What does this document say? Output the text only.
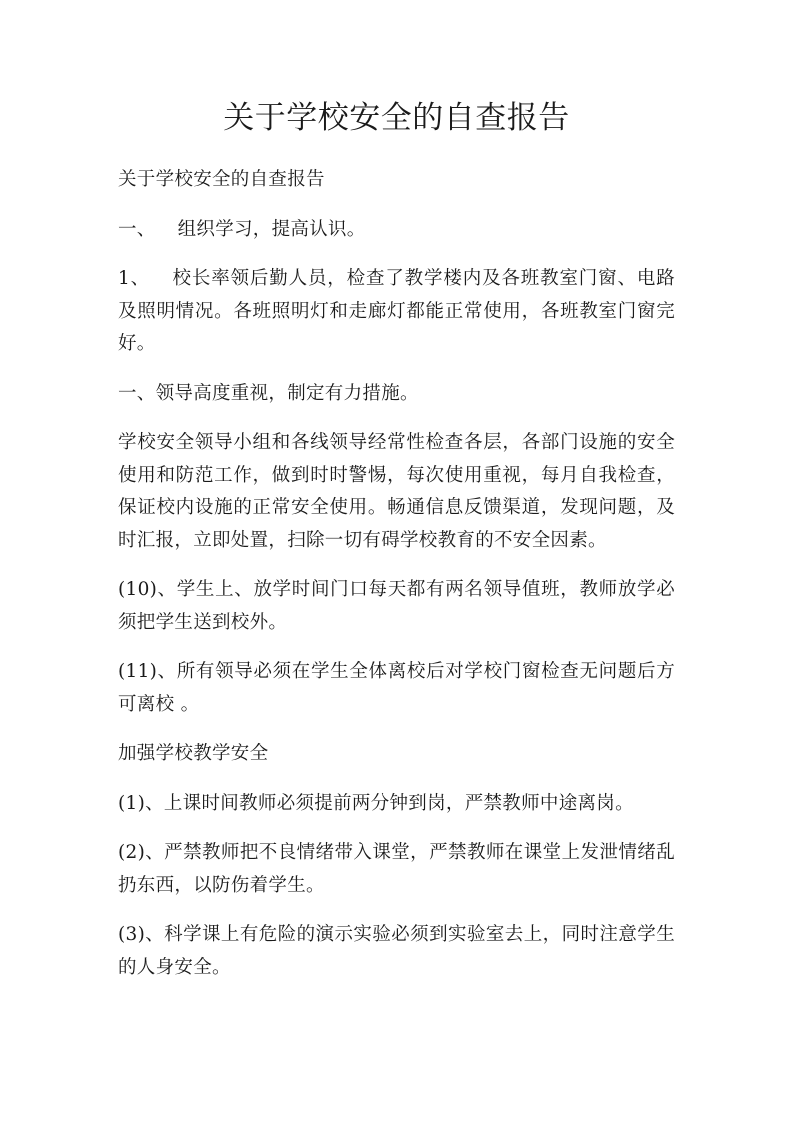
关于学校安全的自查报告

关于学校安全的自查报告

一、 组织学习，提高认识。

1、 校长率领后勤人员，检查了教学楼内及各班教室门窗、电路及照明情况。各班照明灯和走廊灯都能正常使用，各班教室门窗完好。

一、领导高度重视，制定有力措施。

学校安全领导小组和各线领导经常性检查各层，各部门设施的安全使用和防范工作，做到时时警惕，每次使用重视，每月自我检查，保证校内设施的正常安全使用。畅通信息反馈渠道，发现问题，及时汇报，立即处置，扫除一切有碍学校教育的不安全因素。

(10)、学生上、放学时间门口每天都有两名领导值班，教师放学必须把学生送到校外。

(11)、所有领导必须在学生全体离校后对学校门窗检查无问题后方可离校 。

加强学校教学安全

(1)、上课时间教师必须提前两分钟到岗，严禁教师中途离岗。

(2)、严禁教师把不良情绪带入课堂，严禁教师在课堂上发泄情绪乱扔东西，以防伤着学生。

(3)、科学课上有危险的演示实验必须到实验室去上，同时注意学生的人身安全。
